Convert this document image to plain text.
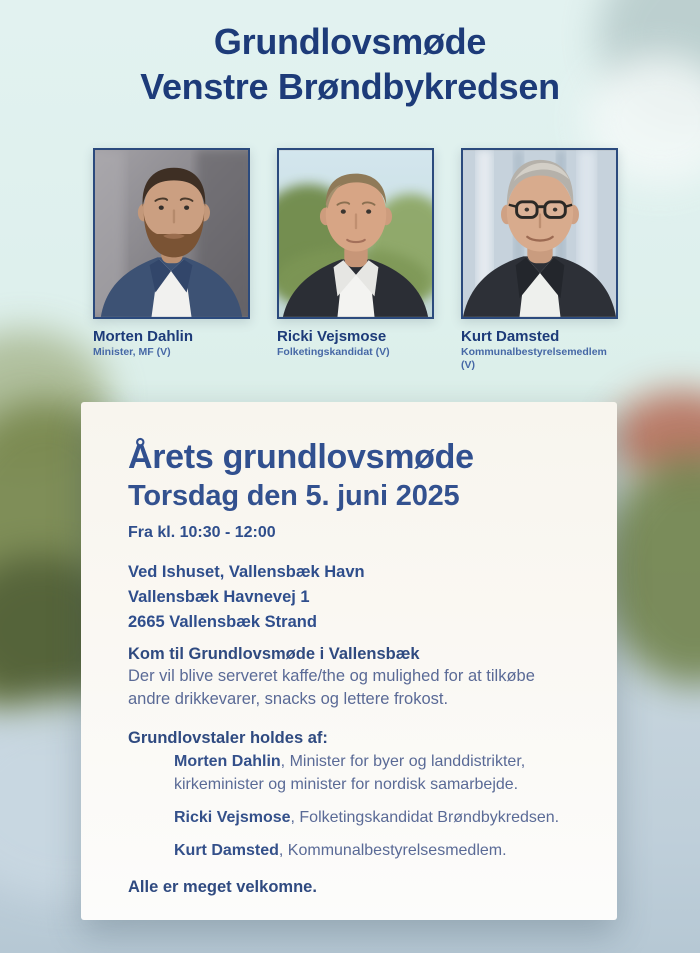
Grundlovsmøde
Venstre Brøndbykredsen
Morten Dahlin
Minister, MF (V)
Ricki Vejsmose
Folketingskandidat (V)
Kurt Damsted
Kommunalbestyrelsemedlem (V)
Årets grundlovsmøde
Torsdag den 5. juni 2025
Fra kl. 10:30 - 12:00
Ved Ishuset, Vallensbæk Havn
Vallensbæk Havnevej 1
2665 Vallensbæk Strand
Kom til Grundlovsmøde i Vallensbæk
Der vil blive serveret kaffe/the og mulighed for at tilkøbe
andre drikkevarer, snacks og lettere frokost.
Grundlovstaler holdes af:
Morten Dahlin, Minister for byer og landdistrikter, kirkeminister og minister for nordisk samarbejde.
Ricki Vejsmose, Folketingskandidat Brøndbykredsen.
Kurt Damsted, Kommunalbestyrelsesmedlem.
Alle er meget velkomne.
